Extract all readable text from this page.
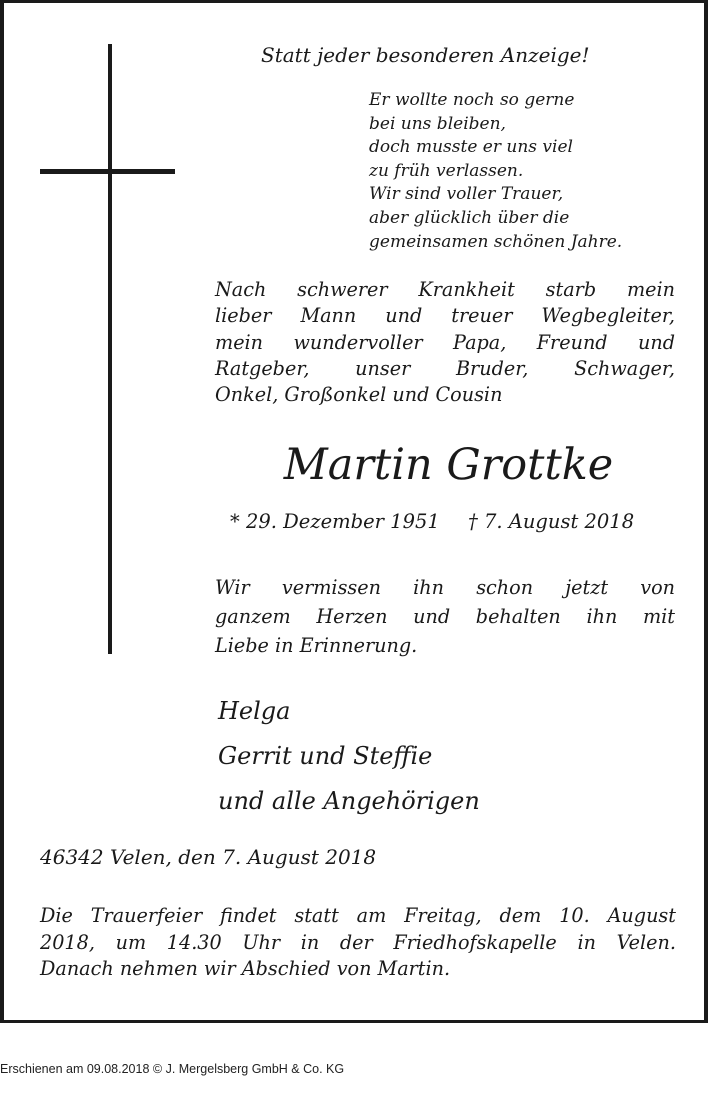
Statt jeder besonderen Anzeige!

Er wollte noch so gerne
bei uns bleiben,
doch musste er uns viel
zu früh verlassen.
Wir sind voller Trauer,
aber glücklich über die
gemeinsamen schönen Jahre.
Nach schwerer Krankheit starb mein
lieber Mann und treuer Wegbegleiter,
mein wundervoller Papa, Freund und
Ratgeber, unser Bruder, Schwager,
Onkel, Großonkel und Cousin

Martin Grottke

* 29. Dezember 1951 † 7. August 2018

Wir vermissen ihn schon jetzt von
ganzem Herzen und behalten ihn mit
Liebe in Erinnerung.
Helga
Gerrit und Steffie
und alle Angehörigen

46342 Velen, den 7. August 2018

Die Trauerfeier findet statt am Freitag, dem 10. August
2018, um 14.30 Uhr in der Friedhofskapelle in Velen.
Danach nehmen wir Abschied von Martin.
Erschienen am 09.08.2018 © J. Mergelsberg GmbH & Co. KG
